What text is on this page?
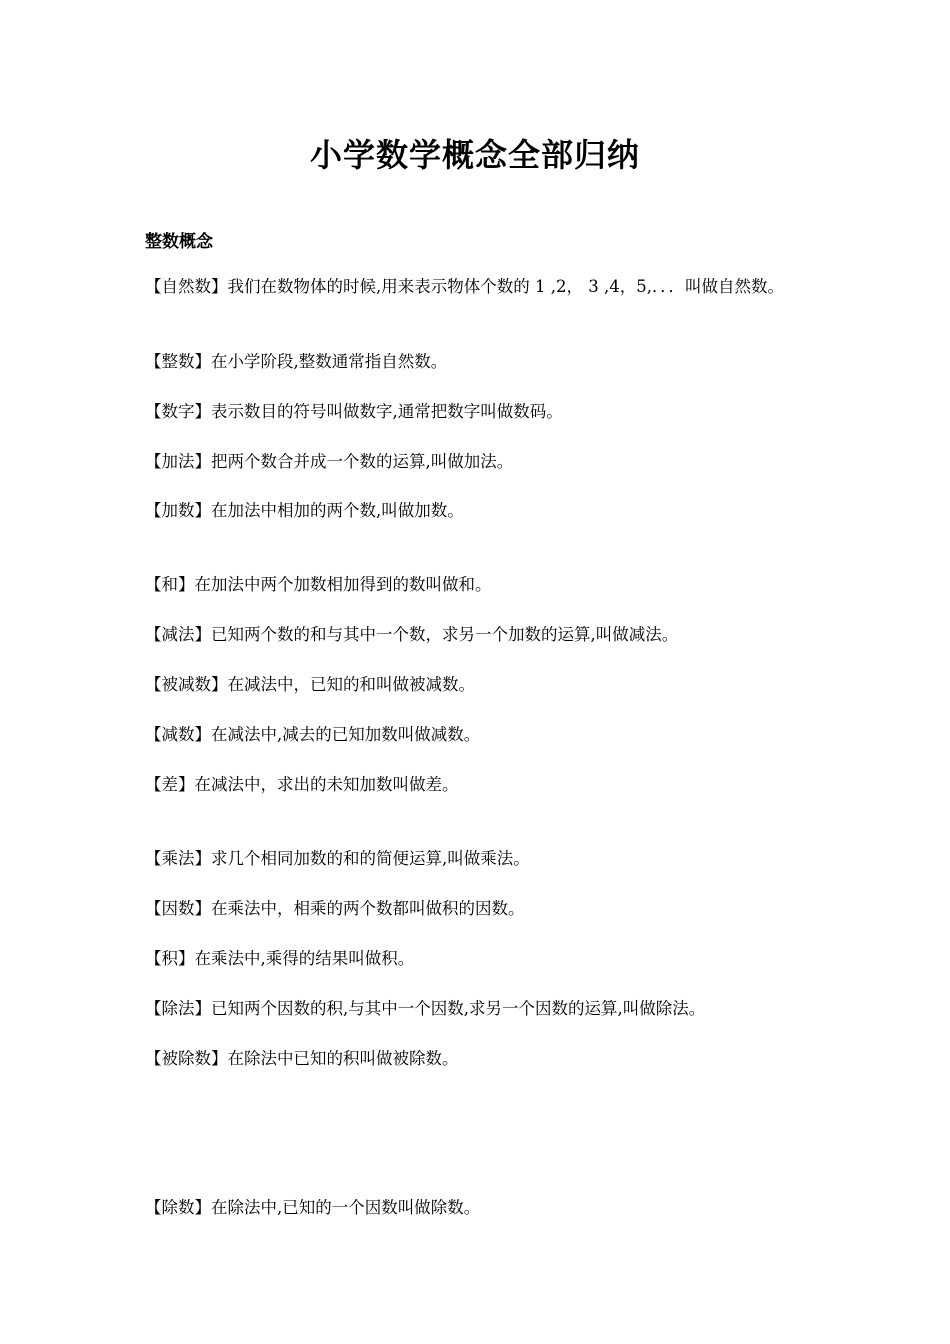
小学数学概念全部归纳
整数概念
【自然数】我们在数物体的时候,用来表示物体个数的 1 ,2， 3 ,4，5,．．．叫做自然数。
【整数】在小学阶段,整数通常指自然数。
【数字】表示数目的符号叫做数字,通常把数字叫做数码。
【加法】把两个数合并成一个数的运算,叫做加法。
【加数】在加法中相加的两个数,叫做加数。
【和】在加法中两个加数相加得到的数叫做和。
【减法】已知两个数的和与其中一个数，求另一个加数的运算,叫做减法。
【被减数】在减法中，已知的和叫做被减数。
【减数】在减法中,减去的已知加数叫做减数。
【差】在减法中，求出的未知加数叫做差。
【乘法】求几个相同加数的和的简便运算,叫做乘法。
【因数】在乘法中，相乘的两个数都叫做积的因数。
【积】在乘法中,乘得的结果叫做积。
【除法】已知两个因数的积,与其中一个因数,求另一个因数的运算,叫做除法。
【被除数】在除法中已知的积叫做被除数。
【除数】在除法中,已知的一个因数叫做除数。
